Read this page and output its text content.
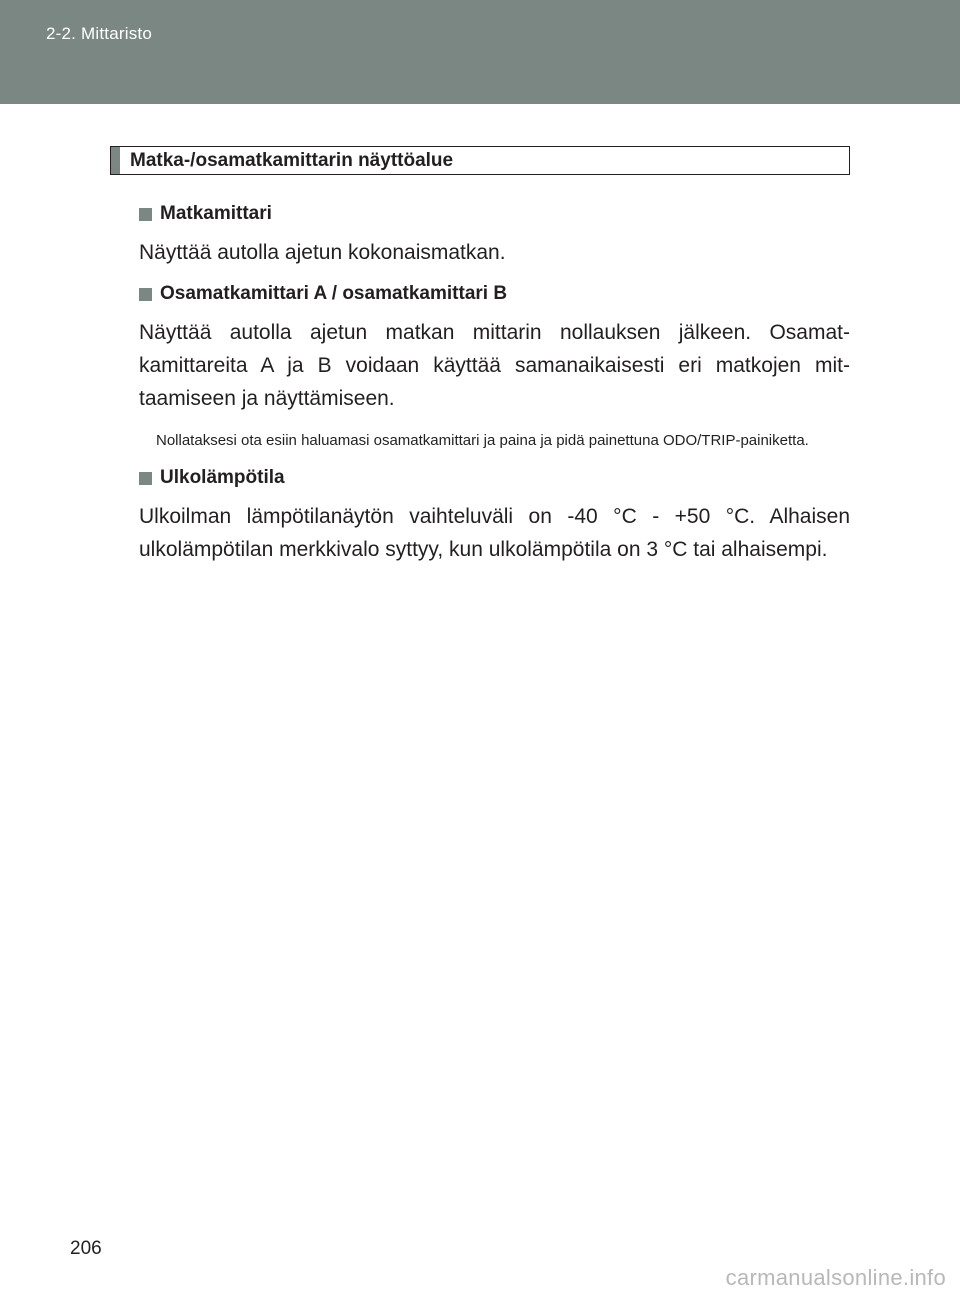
2-2. Mittaristo
Matka-/osamatkamittarin näyttöalue
Matkamittari

Näyttää autolla ajetun kokonaismatkan.

Osamatkamittari A / osamatkamittari B

Näyttää autolla ajetun matkan mittarin nollauksen jälkeen. Osamatkamittareita A ja B voidaan käyttää samanaikaisesti eri matkojen mittaamiseen ja näyttämiseen.

Nollataksesi ota esiin haluamasi osamatkamittari ja paina ja pidä painettuna ODO/TRIP-painiketta.

Ulkolämpötila

Ulkoilman lämpötilanäytön vaihteluväli on -40 °C - +50 °C. Alhaisen ulkolämpötilan merkkivalo syttyy, kun ulkolämpötila on 3 °C tai alhaisempi.

206
carmanualsonline.info
